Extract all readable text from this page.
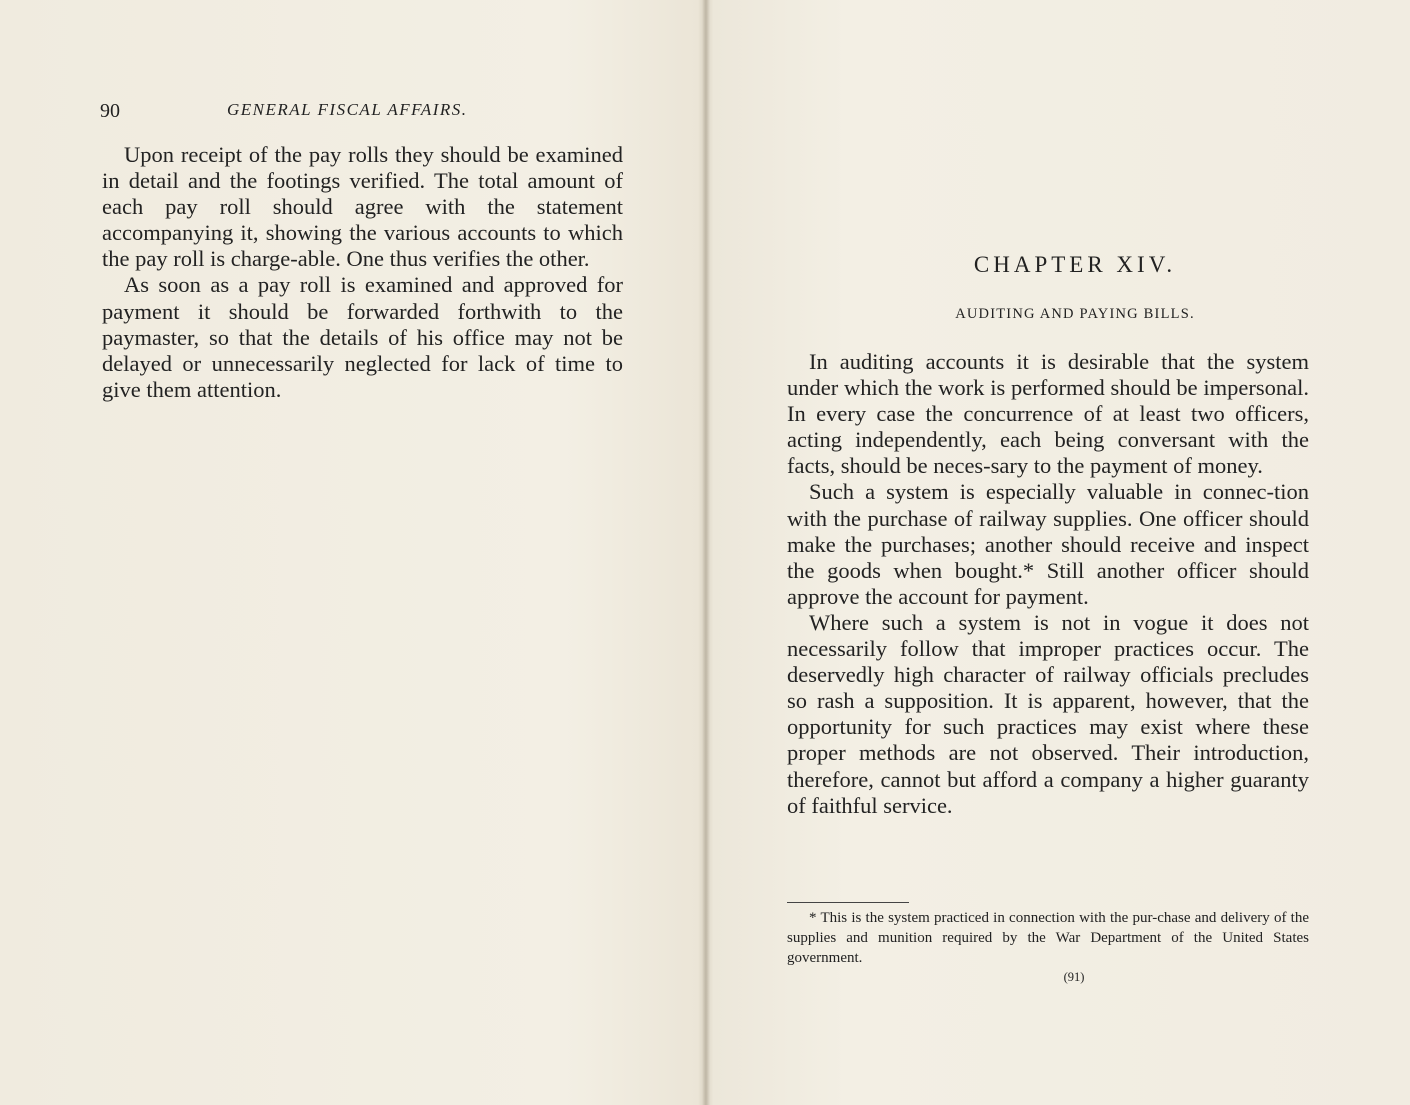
90	GENERAL FISCAL AFFAIRS.

Upon receipt of the pay rolls they should be examined in detail and the footings verified. The total amount of each pay roll should agree with the statement accompanying it, showing the various accounts to which the pay roll is charge-able. One thus verifies the other.

As soon as a pay roll is examined and approved for payment it should be forwarded forthwith to the paymaster, so that the details of his office may not be delayed or unnecessarily neglected for lack of time to give them attention.

CHAPTER XIV.
AUDITING AND PAYING BILLS.

In auditing accounts it is desirable that the system under which the work is performed should be impersonal. In every case the concurrence of at least two officers, acting independently, each being conversant with the facts, should be neces-sary to the payment of money.

Such a system is especially valuable in connec-tion with the purchase of railway supplies. One officer should make the purchases; another should receive and inspect the goods when bought.* Still another officer should approve the account for payment.

Where such a system is not in vogue it does not necessarily follow that improper practices occur. The deservedly high character of railway officials precludes so rash a supposition. It is apparent, however, that the opportunity for such practices may exist where these proper methods are not observed. Their introduction, therefore, cannot but afford a company a higher guaranty of faithful service.

* This is the system practiced in connection with the pur-chase and delivery of the supplies and munition required by the War Department of the United States government.
(91)
